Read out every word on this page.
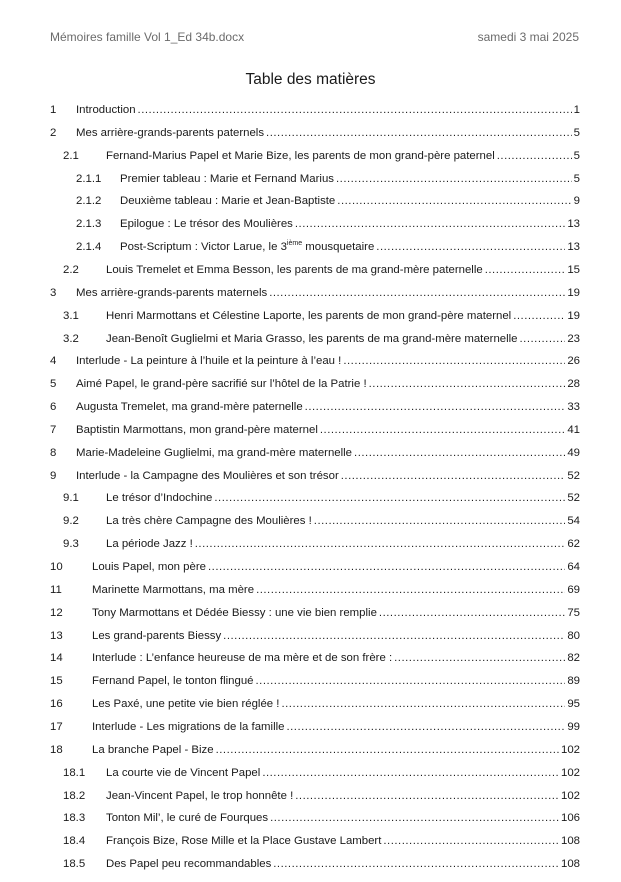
Mémoires famille Vol 1_Ed 34b.docx	samedi 3 mai 2025
Table des matières
1 Introduction .....	1
2 Mes arrière-grands-parents paternels .....	5
2.1 Fernand-Marius Papel et Marie Bize, les parents de mon grand-père paternel .....	5
2.1.1 Premier tableau : Marie et Fernand Marius .....	5
2.1.2 Deuxième tableau : Marie et Jean-Baptiste .....	9
2.1.3 Epilogue : Le trésor des Moulières .....	13
2.1.4 Post-Scriptum : Victor Larue, le 3ième mousquetaire .....	13
2.2 Louis Tremelet et Emma Besson, les parents de ma grand-mère paternelle .....	15
3 Mes arrière-grands-parents maternels .....	19
3.1 Henri Marmottans et Célestine Laporte, les parents de mon grand-père maternel .....	19
3.2 Jean-Benoît Guglielmi et Maria Grasso, les parents de ma grand-mère maternelle .....	23
4 Interlude - La peinture à l’huile et la peinture à l’eau ! .....	26
5 Aimé Papel, le grand-père sacrifié sur l’hôtel de la Patrie ! .....	28
6 Augusta Tremelet, ma grand-mère paternelle .....	33
7 Baptistin Marmottans, mon grand-père maternel .....	41
8 Marie-Madeleine Guglielmi, ma grand-mère maternelle .....	49
9 Interlude - la Campagne des Moulières et son trésor .....	52
9.1 Le trésor d’Indochine .....	52
9.2 La très chère Campagne des Moulières ! .....	54
9.3 La période Jazz ! .....	62
10	Louis Papel, mon père .....	64
11	Marinette Marmottans, ma mère .....	69
12	Tony Marmottans et Dédée Biessy : une vie bien remplie .....	75
13	Les grand-parents Biessy .....	80
14	Interlude : L’enfance heureuse de ma mère et de son frère : .....	82
15	Fernand Papel, le tonton flingué .....	89
16	Les Paxé, une petite vie bien réglée ! .....	95
17	Interlude - Les migrations de la famille .....	99
18	La branche Papel - Bize .....	102
18.1 La courte vie de Vincent Papel .....	102
18.2 Jean-Vincent Papel, le trop honnête ! .....	102
18.3 Tonton Mil’, le curé de Fourques .....	106
18.4 François Bize, Rose Mille et la Place Gustave Lambert .....	108
18.5 Des Papel peu recommandables .....	108
